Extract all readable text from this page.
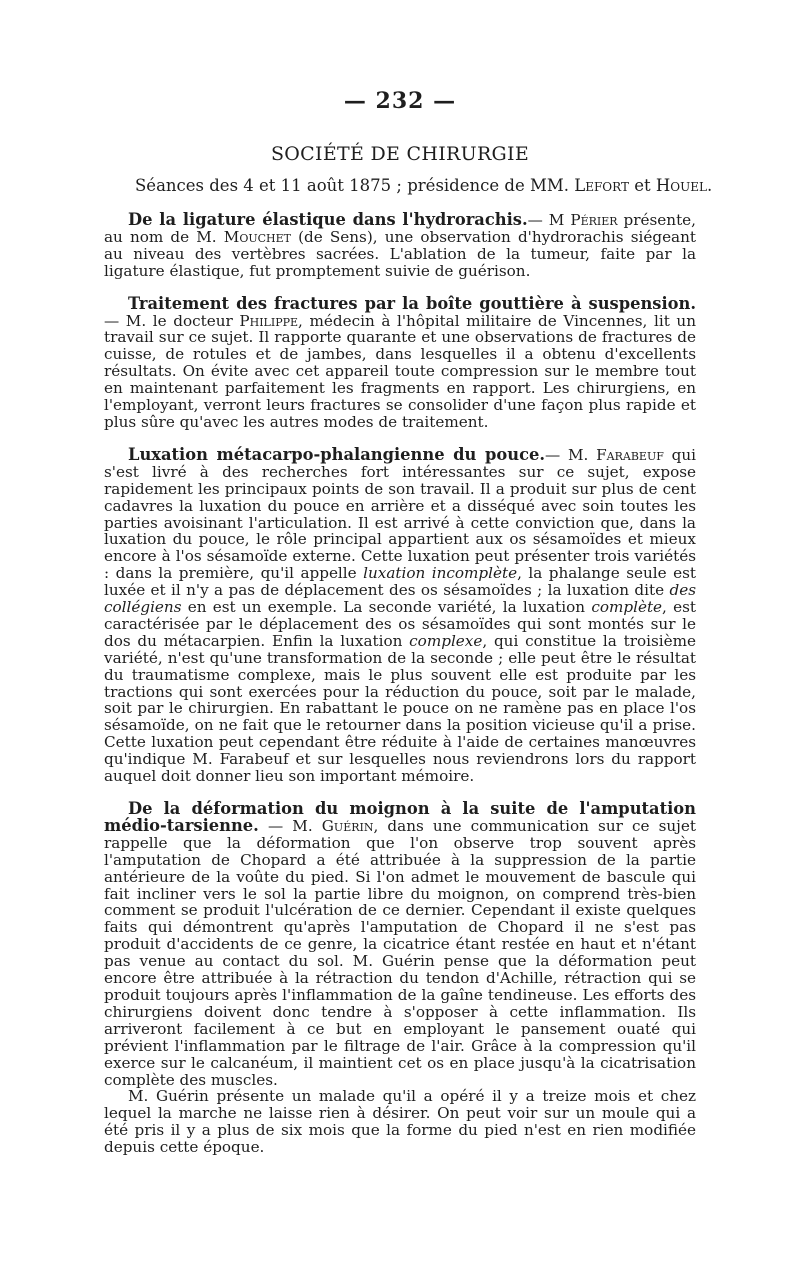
— 232 —
SOCIÉTÉ DE CHIRURGIE
Séances des 4 et 11 août 1875 ; présidence de MM. Lefort et Houel.

De la ligature élastique dans l'hydrorachis.— M Périer présente, au nom de M. Mouchet (de Sens), une observation d'hydrorachis siégeant au niveau des vertèbres sacrées. L'ablation de la tumeur, faite par la ligature élastique, fut promptement suivie de guérison.

Traitement des fractures par la boîte gouttière à suspension. — M. le docteur Philippe, médecin à l'hôpital militaire de Vincennes, lit un travail sur ce sujet. Il rapporte quarante et une observations de fractures de cuisse, de rotules et de jambes, dans lesquelles il a obtenu d'excellents résultats. On évite avec cet appareil toute compression sur le membre tout en maintenant parfaitement les fragments en rapport. Les chirurgiens, en l'employant, verront leurs fractures se consolider d'une façon plus rapide et plus sûre qu'avec les autres modes de traitement.

Luxation métacarpo-phalangienne du pouce.— M. Farabeuf qui s'est livré à des recherches fort intéressantes sur ce sujet, expose rapidement les principaux points de son travail. Il a produit sur plus de cent cadavres la luxation du pouce en arrière et a disséqué avec soin toutes les parties avoisinant l'articulation. Il est arrivé à cette conviction que, dans la luxation du pouce, le rôle principal appartient aux os sésamoïdes et mieux encore à l'os sésamoïde externe. Cette luxation peut présenter trois variétés : dans la première, qu'il appelle luxation incomplète, la phalange seule est luxée et il n'y a pas de déplacement des os sésamoïdes ; la luxation dite des collégiens en est un exemple. La seconde variété, la luxation complète, est caractérisée par le déplacement des os sésamoïdes qui sont montés sur le dos du métacarpien. Enfin la luxation complexe, qui constitue la troisième variété, n'est qu'une transformation de la seconde ; elle peut être le résultat du traumatisme complexe, mais le plus souvent elle est produite par les tractions qui sont exercées pour la réduction du pouce, soit par le malade, soit par le chirurgien. En rabattant le pouce on ne ramène pas en place l'os sésamoïde, on ne fait que le retourner dans la position vicieuse qu'il a prise. Cette luxation peut cependant être réduite à l'aide de certaines manœuvres qu'indique M. Farabeuf et sur lesquelles nous reviendrons lors du rapport auquel doit donner lieu son important mémoire.

De la déformation du moignon à la suite de l'amputation médio-tarsienne. — M. Guérin, dans une communication sur ce sujet rappelle que la déformation que l'on observe trop souvent après l'amputation de Chopard a été attribuée à la suppression de la partie antérieure de la voûte du pied. Si l'on admet le mouvement de bascule qui fait incliner vers le sol la partie libre du moignon, on comprend très-bien comment se produit l'ulcération de ce dernier. Cependant il existe quelques faits qui démontrent qu'après l'amputation de Chopard il ne s'est pas produit d'accidents de ce genre, la cicatrice étant restée en haut et n'étant pas venue au contact du sol. M. Guérin pense que la déformation peut encore être attribuée à la rétraction du tendon d'Achille, rétraction qui se produit toujours après l'inflammation de la gaîne tendineuse. Les efforts des chirurgiens doivent donc tendre à s'opposer à cette inflammation. Ils arriveront facilement à ce but en employant le pansement ouaté qui prévient l'inflammation par le filtrage de l'air. Grâce à la compression qu'il exerce sur le calcanéum, il maintient cet os en place jusqu'à la cicatrisation complète des muscles.

M. Guérin présente un malade qu'il a opéré il y a treize mois et chez lequel la marche ne laisse rien à désirer. On peut voir sur un moule qui a été pris il y a plus de six mois que la forme du pied n'est en rien modifiée depuis cette époque.
